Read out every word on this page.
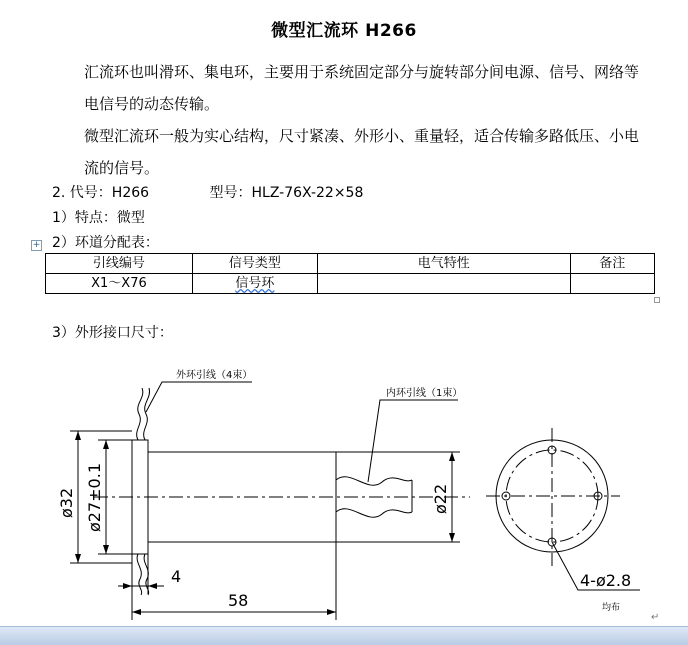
微型汇流环 H266
汇流环也叫滑环、集电环，主要用于系统固定部分与旋转部分间电源、信号、网络等电信号的动态传输。
微型汇流环一般为实心结构，尺寸紧凑、外形小、重量轻，适合传输多路低压、小电流的信号。
2. 代号：H266	型号：HLZ-76X-22×58
1）特点：微型
2）环道分配表：
+
引线编号	信号类型	电气特性	备注
X1～X76	信号环		
3）外形接口尺寸：
外环引线（4束）
内环引线（1束）
ø32 ø27±0.1	ø22
4
58
4-ø2.8
均布
↵
